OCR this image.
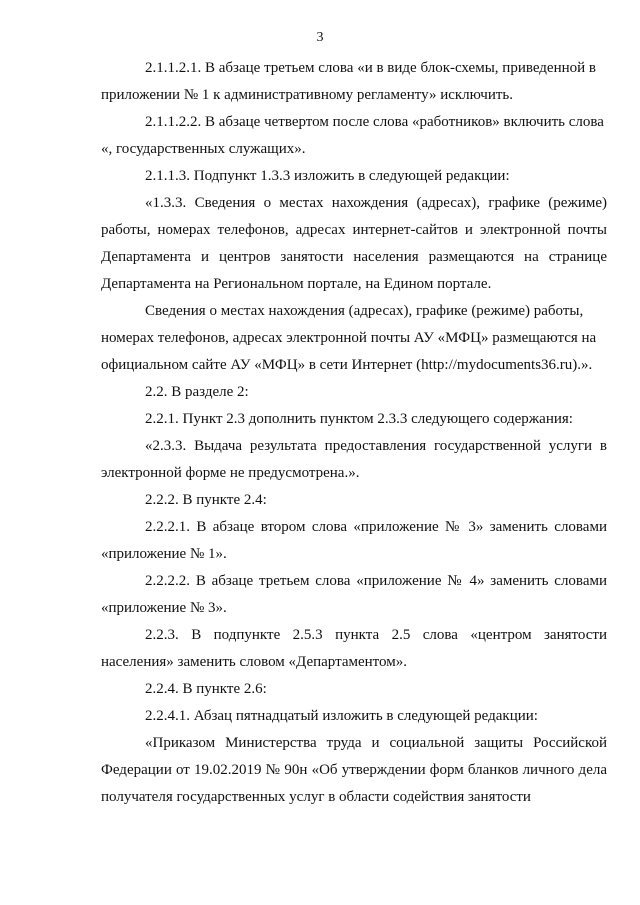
3

2.1.1.2.1. В абзаце третьем слова «и в виде блок-схемы, приведенной в приложении № 1 к административному регламенту» исключить.

2.1.1.2.2. В абзаце четвертом после слова «работников» включить слова «, государственных служащих».

2.1.1.3. Подпункт 1.3.3 изложить в следующей редакции:

«1.3.3. Сведения о местах нахождения (адресах), графике (режиме) работы, номерах телефонов, адресах интернет-сайтов и электронной почты Департамента и центров занятости населения размещаются на странице Департамента на Региональном портале, на Едином портале.

Сведения о местах нахождения (адресах), графике (режиме) работы, номерах телефонов, адресах электронной почты АУ «МФЦ» размещаются на официальном сайте АУ «МФЦ» в сети Интернет (http://mydocuments36.ru).».

2.2. В разделе 2:

2.2.1. Пункт 2.3 дополнить пунктом 2.3.3 следующего содержания:

«2.3.3. Выдача результата предоставления государственной услуги в электронной форме не предусмотрена.».

2.2.2. В пункте 2.4:

2.2.2.1. В абзаце втором слова «приложение № 3» заменить словами «приложение № 1».

2.2.2.2. В абзаце третьем слова «приложение № 4» заменить словами «приложение № 3».

2.2.3. В подпункте 2.5.3 пункта 2.5 слова «центром занятости населения» заменить словом «Департаментом».

2.2.4. В пункте 2.6:

2.2.4.1. Абзац пятнадцатый изложить в следующей редакции:

«Приказом Министерства труда и социальной защиты Российской Федерации от 19.02.2019 № 90н «Об утверждении форм бланков личного дела получателя государственных услуг в области содействия занятости
